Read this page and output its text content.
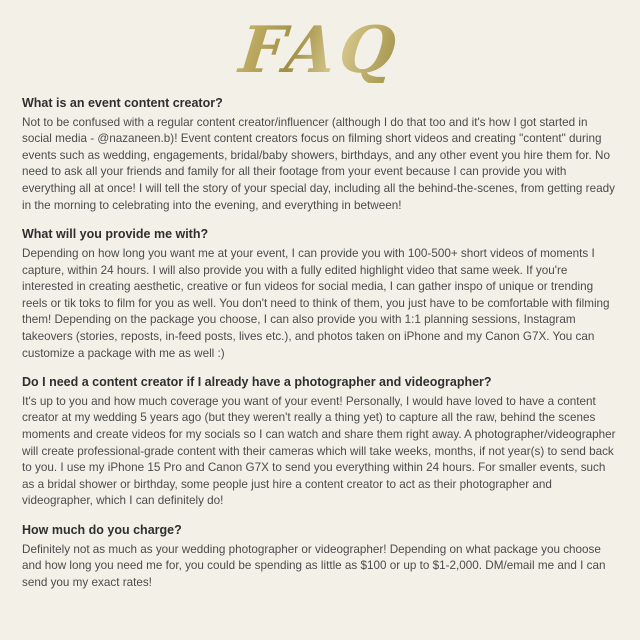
FAQ

What is an event content creator?

Not to be confused with a regular content creator/influencer (although I do that too and it's how I got started in social media - @nazaneen.b)! Event content creators focus on filming short videos and creating "content" during events such as wedding, engagements, bridal/baby showers, birthdays, and any other event you hire them for. No need to ask all your friends and family for all their footage from your event because I can provide you with everything all at once! I will tell the story of your special day, including all the behind-the-scenes, from getting ready in the morning to celebrating into the evening, and everything in between!

What will you provide me with?

Depending on how long you want me at your event, I can provide you with 100-500+ short videos of moments I capture, within 24 hours. I will also provide you with a fully edited highlight video that same week. If you're interested in creating aesthetic, creative or fun videos for social media, I can gather inspo of unique or trending reels or tik toks to film for you as well. You don't need to think of them, you just have to be comfortable with filming them! Depending on the package you choose, I can also provide you with 1:1 planning sessions, Instagram takeovers (stories, reposts, in-feed posts, lives etc.), and photos taken on iPhone and my Canon G7X. You can customize a package with me as well :)

Do I need a content creator if I already have a photographer and videographer?

It's up to you and how much coverage you want of your event! Personally, I would have loved to have a content creator at my wedding 5 years ago (but they weren't really a thing yet) to capture all the raw, behind the scenes moments and create videos for my socials so I can watch and share them right away. A photographer/videographer will create professional-grade content with their cameras which will take weeks, months, if not year(s) to send back to you. I use my iPhone 15 Pro and Canon G7X to send you everything within 24 hours. For smaller events, such as a bridal shower or birthday, some people just hire a content creator to act as their photographer and videographer, which I can definitely do!

How much do you charge?

Definitely not as much as your wedding photographer or videographer! Depending on what package you choose and how long you need me for, you could be spending as little as $100 or up to $1-2,000. DM/email me and I can send you my exact rates!
